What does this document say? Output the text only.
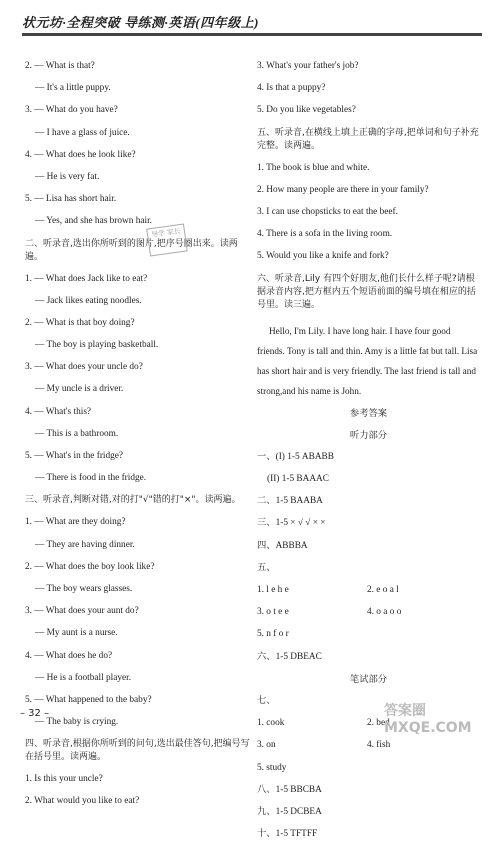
状元坊·全程突破 导练测·英语(四年级上)
2. — What is that?
— It's a little puppy.
3. — What do you have?
— I have a glass of juice.
4. — What does he look like?
— He is very fat.
5. — Lisa has short hair.
— Yes, and she has brown hair.
二、听录音,选出你所听到的图片,把序号圈出来。读两遍。
1. — What does Jack like to eat?
— Jack likes eating noodles.
2. — What is that boy doing?
— The boy is playing basketball.
3. — What does your uncle do?
— My uncle is a driver.
4. — What's this?
— This is a bathroom.
5. — What's in the fridge?
— There is food in the fridge.
三、听录音,判断对错,对的打"√"错的打"×"。读两遍。
1. — What are they doing?
— They are having dinner.
2. — What does the boy look like?
— The boy wears glasses.
3. — What does your aunt do?
— My aunt is a nurse.
4. — What does he do?
— He is a football player.
5. — What happened to the baby?
— The baby is crying.
四、听录音,根据你所听到的问句,选出最佳答句,把编号写在括号里。读两遍。
1. Is this your uncle?
2. What would you like to eat?
3. What's your father's job?
4. Is that a puppy?
5. Do you like vegetables?
五、听录音,在横线上填上正确的字母,把单词和句子补充完整。读两遍。
1. The book is blue and white.
2. How many people are there in your family?
3. I can use chopsticks to eat the beef.
4. There is a sofa in the living room.
5. Would you like a knife and fork?
六、听录音,Lily 有四个好朋友,他们长什么样子呢?请根据录音内容,把方框内五个短语前面的编号填在相应的括号里。读三遍。

Hello, I'm Lily. I have long hair. I have four good friends. Tony is tall and thin. Amy is a little fat but tall. Lisa has short hair and is very friendly. The last friend is tall and strong,and his name is John.

参考答案
听力部分
一、(I) 1-5 ABABB
(II) 1-5 BAAAC
二、1-5 BAABA
三、1-5 × √ √ × ×
四、ABBBA
五、
1. l e h e	2. e o a l
3. o t e e	4. o a o o
5. n f o r
六、1-5 DBEAC
笔试部分
七、
1. cook	2. bed
3. on	4. fish
5. study
八、1-5 BBCBA
九、1-5 DCBEA
十、1-5 TFTFF
导学 家长
– 32 –	答案圈 MXQE.COM
